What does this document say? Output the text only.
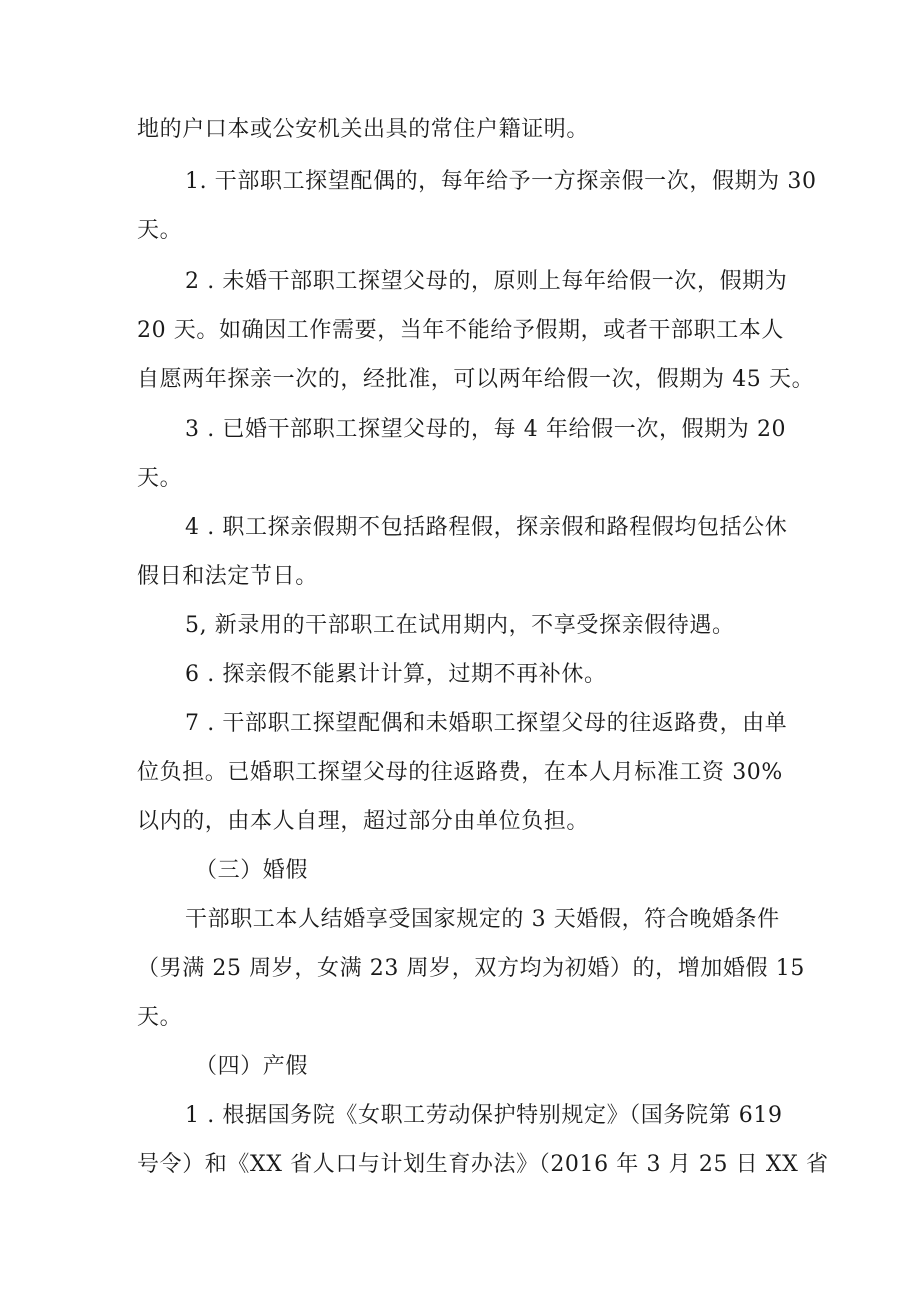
地的户口本或公安机关出具的常住户籍证明。
1. 干部职工探望配偶的，每年给予一方探亲假一次，假期为 30
天。
2 . 未婚干部职工探望父母的，原则上每年给假一次，假期为
20 天。如确因工作需要，当年不能给予假期，或者干部职工本人
自愿两年探亲一次的，经批准，可以两年给假一次，假期为 45 天。
3 . 已婚干部职工探望父母的，每 4 年给假一次，假期为 20
天。
4 . 职工探亲假期不包括路程假，探亲假和路程假均包括公休
假日和法定节日。
5, 新录用的干部职工在试用期内，不享受探亲假待遇。
6 . 探亲假不能累计计算，过期不再补休。
7 . 干部职工探望配偶和未婚职工探望父母的往返路费，由单
位负担。已婚职工探望父母的往返路费，在本人月标准工资 30%
以内的，由本人自理，超过部分由单位负担。
（三）婚假
干部职工本人结婚享受国家规定的 3 天婚假，符合晚婚条件
（男满 25 周岁，女满 23 周岁，双方均为初婚）的，增加婚假 15
天。
（四）产假
1 . 根据国务院《女职工劳动保护特别规定》（国务院第 619
号令）和《XX 省人口与计划生育办法》（2016 年 3 月 25 日 XX 省
